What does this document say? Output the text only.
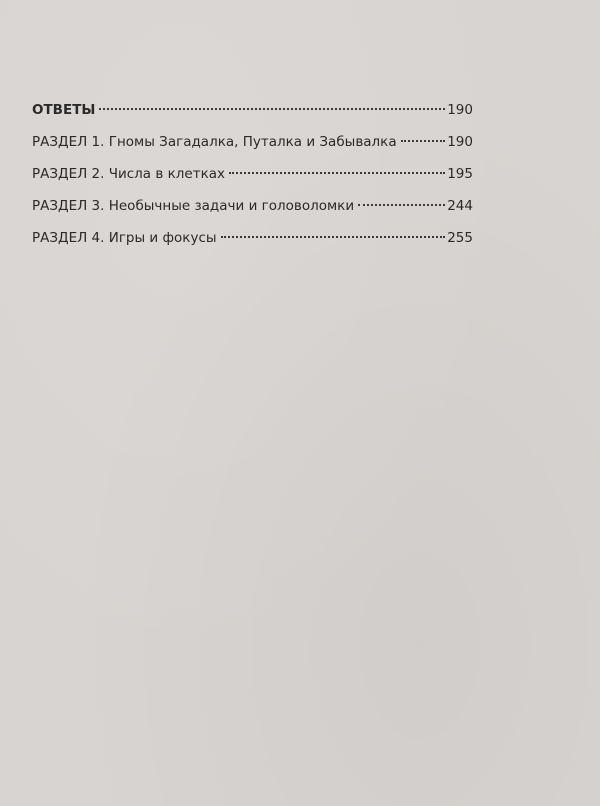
ОТВЕТЫ	190
РАЗДЕЛ 1. Гномы Загадалка, Путалка и Забывалка	190
РАЗДЕЛ 2. Числа в клетках	195
РАЗДЕЛ 3. Необычные задачи и головоломки	244
РАЗДЕЛ 4. Игры и фокусы	255
